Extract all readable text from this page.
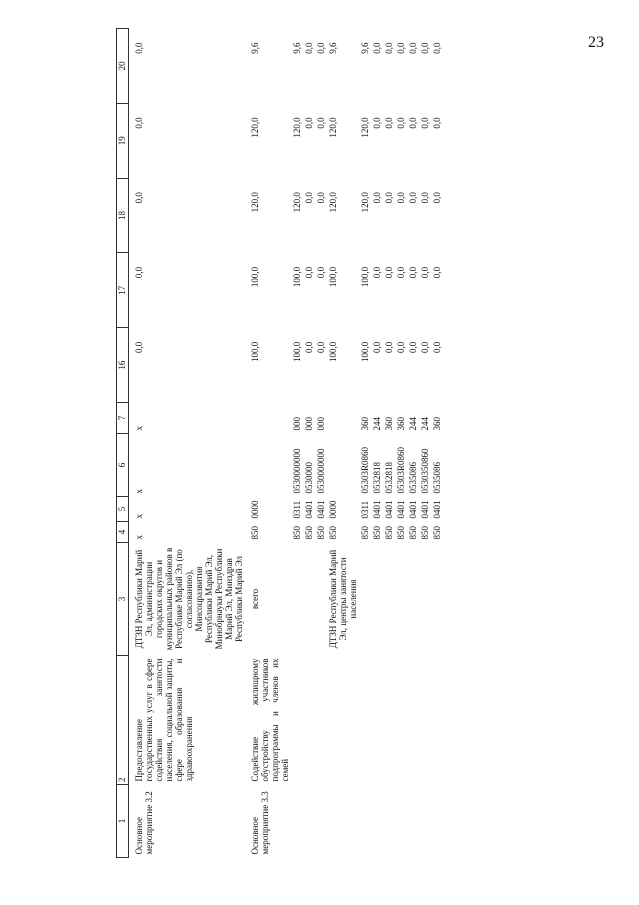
23
1	2	3	4	5	6	7	16	17	18	19	20
Основное мероприятие 3.2	Предоставление государственных услуг в сфере содействия занятости населения, социальной защиты, сфере образования и здравоохранения	ДТЗН Республики Марий Эл, администрации городских округов и муниципальных районов в Республике Марий Эл (по согласованию), Минсоцразвития Республики Марий Эл, Минобрнауки Республики Марий Эл, Минздрав Республики Марий Эл	х	х	х	х	0,0	0,0	0,0	0,0	0,0
Основное мероприятие 3.3	Содействие жилищному обустройству участников подпрограммы и членов их семей	всего	850	0000			100,0	100,0	120,0	120,0	9,6
			850	0311	0530000000	000	100,0	100,0	120,0	120,0	9,6
			850	0401	0530000	000	0,0	0,0	0,0	0,0	0,0
			850	0401	0530000000	000	0,0	0,0	0,0	0,0	0,0
		ДТЗН Республики Марий Эл, центры занятости населения	850	0000			100,0	100,0	120,0	120,0	9,6
			850	0311	05303R0860	360	100,0	100,0	120,0	120,0	9,6
			850	0401	0532818	244	0,0	0,0	0,0	0,0	0,0
			850	0401	0532818	360	0,0	0,0	0,0	0,0	0,0
			850	0401	05303R0860	360	0,0	0,0	0,0	0,0	0,0
			850	0401	0535086	244	0,0	0,0	0,0	0,0	0,0
			850	0401	0530350860	244	0,0	0,0	0,0	0,0	0,0
			850	0401	0535086	360	0,0	0,0	0,0	0,0	0,0
